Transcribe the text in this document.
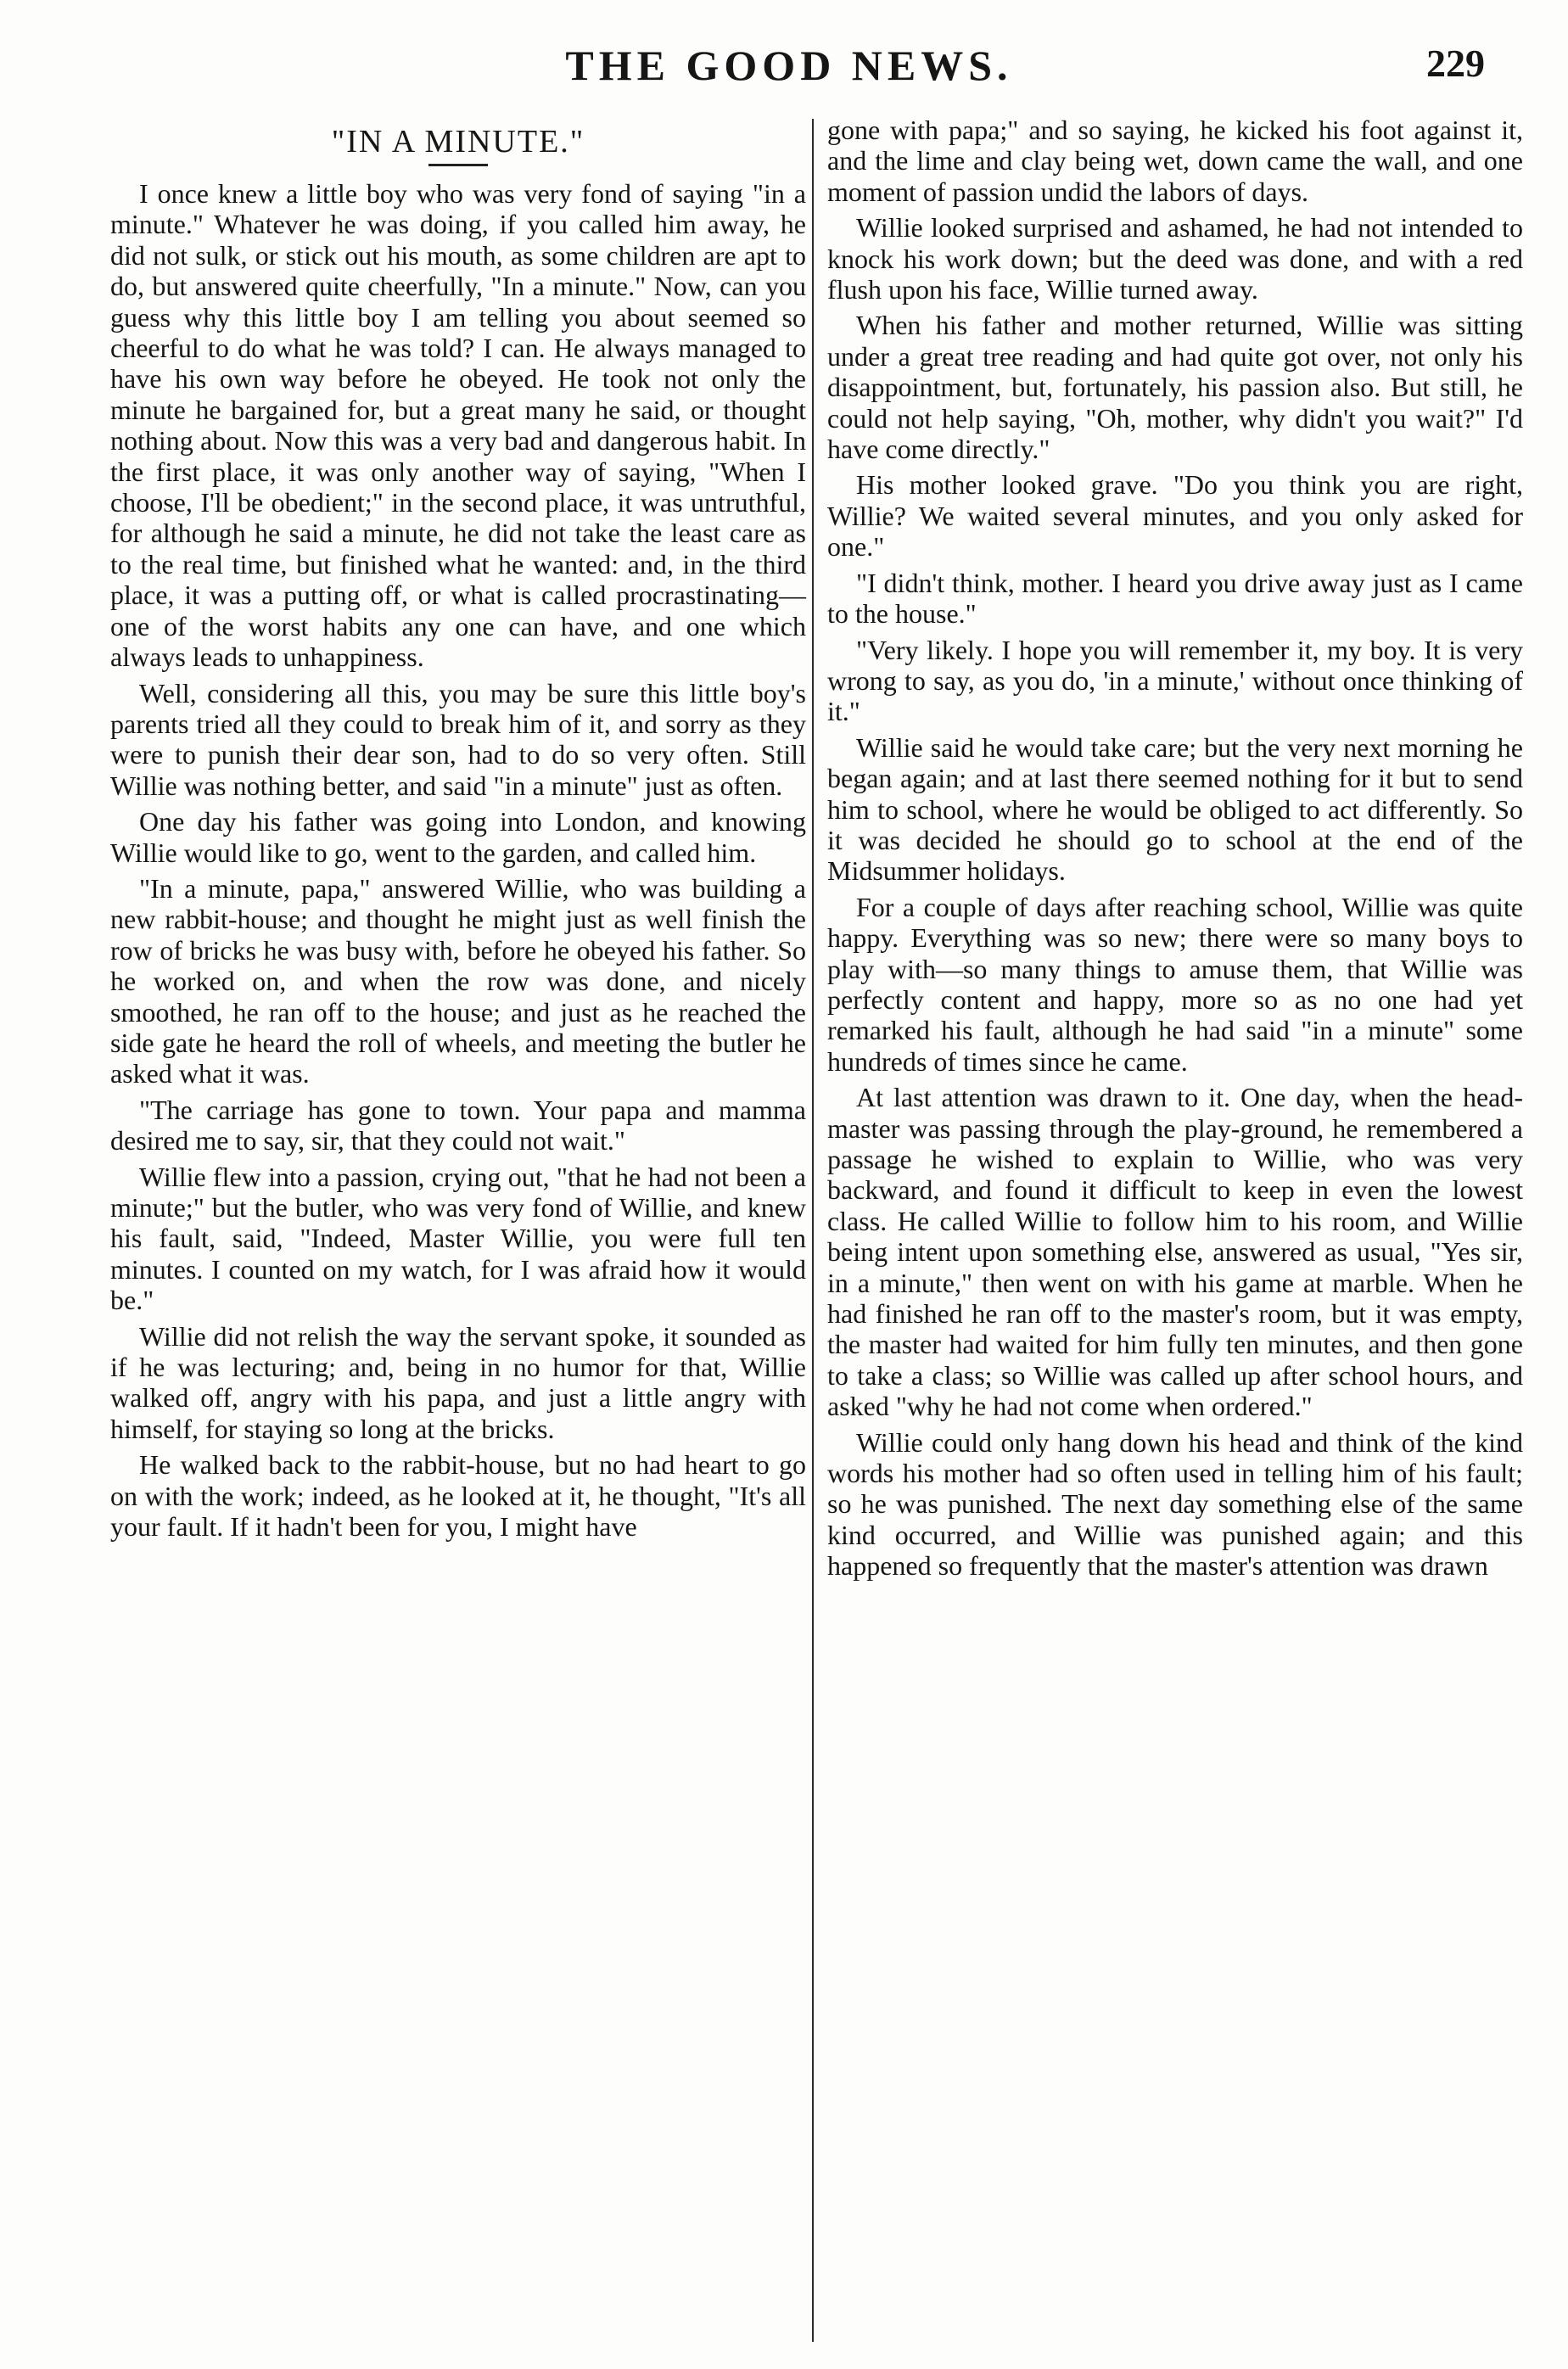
THE GOOD NEWS.	229
"IN A MINUTE."

I once knew a little boy who was very fond of saying "in a minute." Whatever he was doing, if you called him away, he did not sulk, or stick out his mouth, as some children are apt to do, but answered quite cheerfully, "In a minute." Now, can you guess why this little boy I am telling you about seemed so cheerful to do what he was told? I can. He always managed to have his own way before he obeyed. He took not only the minute he bargained for, but a great many he said, or thought nothing about. Now this was a very bad and dangerous habit. In the first place, it was only another way of saying, "When I choose, I'll be obedient;" in the second place, it was untruthful, for although he said a minute, he did not take the least care as to the real time, but finished what he wanted: and, in the third place, it was a putting off, or what is called procrastinating—one of the worst habits any one can have, and one which always leads to unhappiness.

Well, considering all this, you may be sure this little boy's parents tried all they could to break him of it, and sorry as they were to punish their dear son, had to do so very often. Still Willie was nothing better, and said "in a minute" just as often.

One day his father was going into London, and knowing Willie would like to go, went to the garden, and called him.

"In a minute, papa," answered Willie, who was building a new rabbit-house; and thought he might just as well finish the row of bricks he was busy with, before he obeyed his father. So he worked on, and when the row was done, and nicely smoothed, he ran off to the house; and just as he reached the side gate he heard the roll of wheels, and meeting the butler he asked what it was.

"The carriage has gone to town. Your papa and mamma desired me to say, sir, that they could not wait."

Willie flew into a passion, crying out, "that he had not been a minute;" but the butler, who was very fond of Willie, and knew his fault, said, "Indeed, Master Willie, you were full ten minutes. I counted on my watch, for I was afraid how it would be."

Willie did not relish the way the servant spoke, it sounded as if he was lecturing; and, being in no humor for that, Willie walked off, angry with his papa, and just a little angry with himself, for staying so long at the bricks.

He walked back to the rabbit-house, but no had heart to go on with the work; indeed, as he looked at it, he thought, "It's all your fault. If it hadn't been for you, I might have

gone with papa;" and so saying, he kicked his foot against it, and the lime and clay being wet, down came the wall, and one moment of passion undid the labors of days.

Willie looked surprised and ashamed, he had not intended to knock his work down; but the deed was done, and with a red flush upon his face, Willie turned away.

When his father and mother returned, Willie was sitting under a great tree reading and had quite got over, not only his disappointment, but, fortunately, his passion also. But still, he could not help saying, "Oh, mother, why didn't you wait?" I'd have come directly."

His mother looked grave. "Do you think you are right, Willie? We waited several minutes, and you only asked for one."

"I didn't think, mother. I heard you drive away just as I came to the house."

"Very likely. I hope you will remember it, my boy. It is very wrong to say, as you do, 'in a minute,' without once thinking of it."

Willie said he would take care; but the very next morning he began again; and at last there seemed nothing for it but to send him to school, where he would be obliged to act differently. So it was decided he should go to school at the end of the Midsummer holidays.

For a couple of days after reaching school, Willie was quite happy. Everything was so new; there were so many boys to play with—so many things to amuse them, that Willie was perfectly content and happy, more so as no one had yet remarked his fault, although he had said "in a minute" some hundreds of times since he came.

At last attention was drawn to it. One day, when the head-master was passing through the play-ground, he remembered a passage he wished to explain to Willie, who was very backward, and found it difficult to keep in even the lowest class. He called Willie to follow him to his room, and Willie being intent upon something else, answered as usual, "Yes sir, in a minute," then went on with his game at marble. When he had finished he ran off to the master's room, but it was empty, the master had waited for him fully ten minutes, and then gone to take a class; so Willie was called up after school hours, and asked "why he had not come when ordered."

Willie could only hang down his head and think of the kind words his mother had so often used in telling him of his fault; so he was punished. The next day something else of the same kind occurred, and Willie was punished again; and this happened so frequently that the master's attention was drawn
